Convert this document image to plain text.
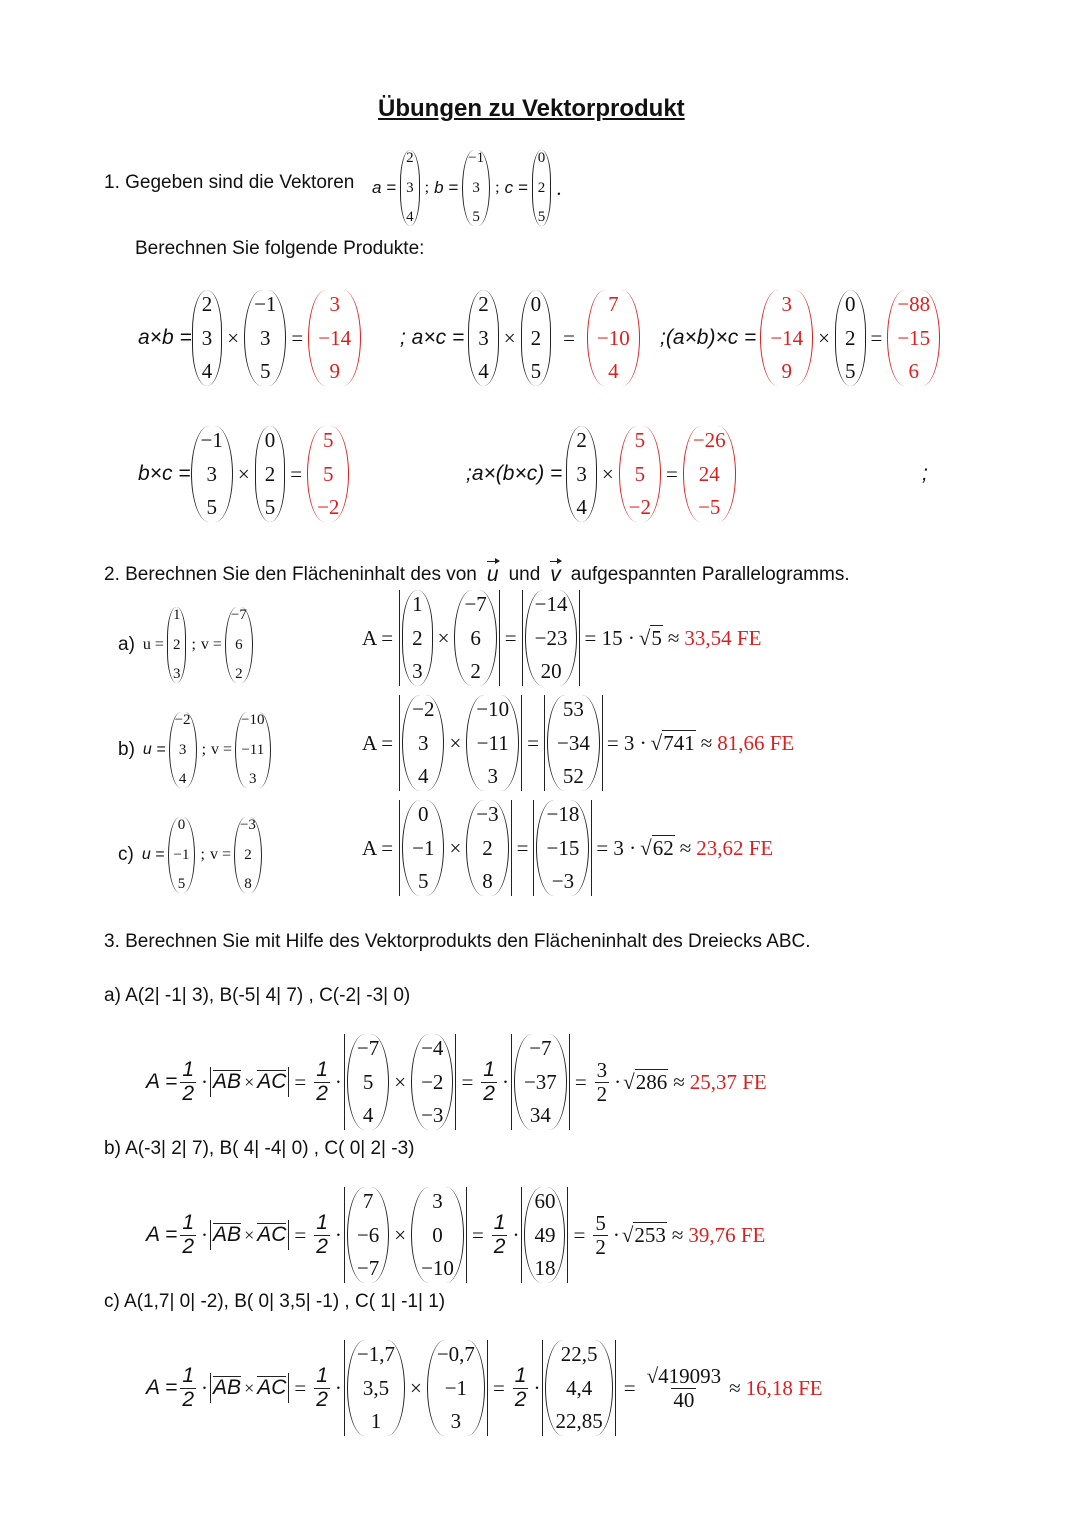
Übungen zu Vektorprodukt
1. Gegeben sind die Vektoren a =
2
3
4
; b =
−1
3
5
; c =
0
2
5
.
Berechnen Sie folgende Produkte:
a×b =
2
3
4
×
−1
3
5
=
3
−14
9
; a×c =
2
3
4
×
0
2
5
=
7
−10
4
;(a×b)×c =
3
−14
9
×
0
2
5
=
−88
−15
6
b×c =
−1
3
5
×
0
2
5
=
5
5
−2
;a×(b×c) =
2
3
4
×
5
5
−2
=
−26
24
−5
;
2. Berechnen Sie den Flächeninhalt des von u und v aufgespannten Parallelogramms.
a) u =
1
2
3
; v =
−7
6
2
A =
1
2
3
×
−7
6
2
=
−14
−23
20
= 15 · √5 ≈ 33,54 FE
b) u =
−2
3
4
; v =
−10
−11
3
A =
−2
3
4
×
−10
−11
3
=
53
−34
52
= 3 · √741 ≈ 81,66 FE
c) u =
0
−1
5
; v =
−3
2
8
A =
0
−1
5
×
−3
2
8
=
−18
−15
−3
= 3 · √62 ≈ 23,62 FE
3. Berechnen Sie mit Hilfe des Vektorprodukts den Flächeninhalt des Dreiecks ABC.
a) A(2| -1| 3), B(-5| 4| 7) , C(-2| -3| 0)
$A = \frac{1}{2}$ · AB × AC = $\frac{1}{2}$ ·
−7
5
4
×
−4
−2
−3
= $\frac{1}{2}$ ·
−7
−37
34
= $\frac{3}{2} \cdot √286 \approx 25,37$ FE
b) A(-3| 2| 7), B( 4| -4| 0) , C( 0| 2| -3)
$A = \frac{1}{2}$ · AB × AC = $\frac{1}{2}$ ·
7
−6
−7
×
3
0
−10
= $\frac{1}{2}$ ·
60
49
18
= $\frac{5}{2} \cdot √253 \approx 39,76$ FE
c) A(1,7| 0| -2), B( 0| 3,5| -1) , C( 1| -1| 1)
$A = \frac{1}{2}$ · AB × AC = $\frac{1}{2}$ ·
−1,7
3,5
1
×
−0,7
−1
3
= $\frac{1}{2}$ ·
22,5
4,4
22,85
= $\frac{√419093}{40} \approx 16,18$ FE
